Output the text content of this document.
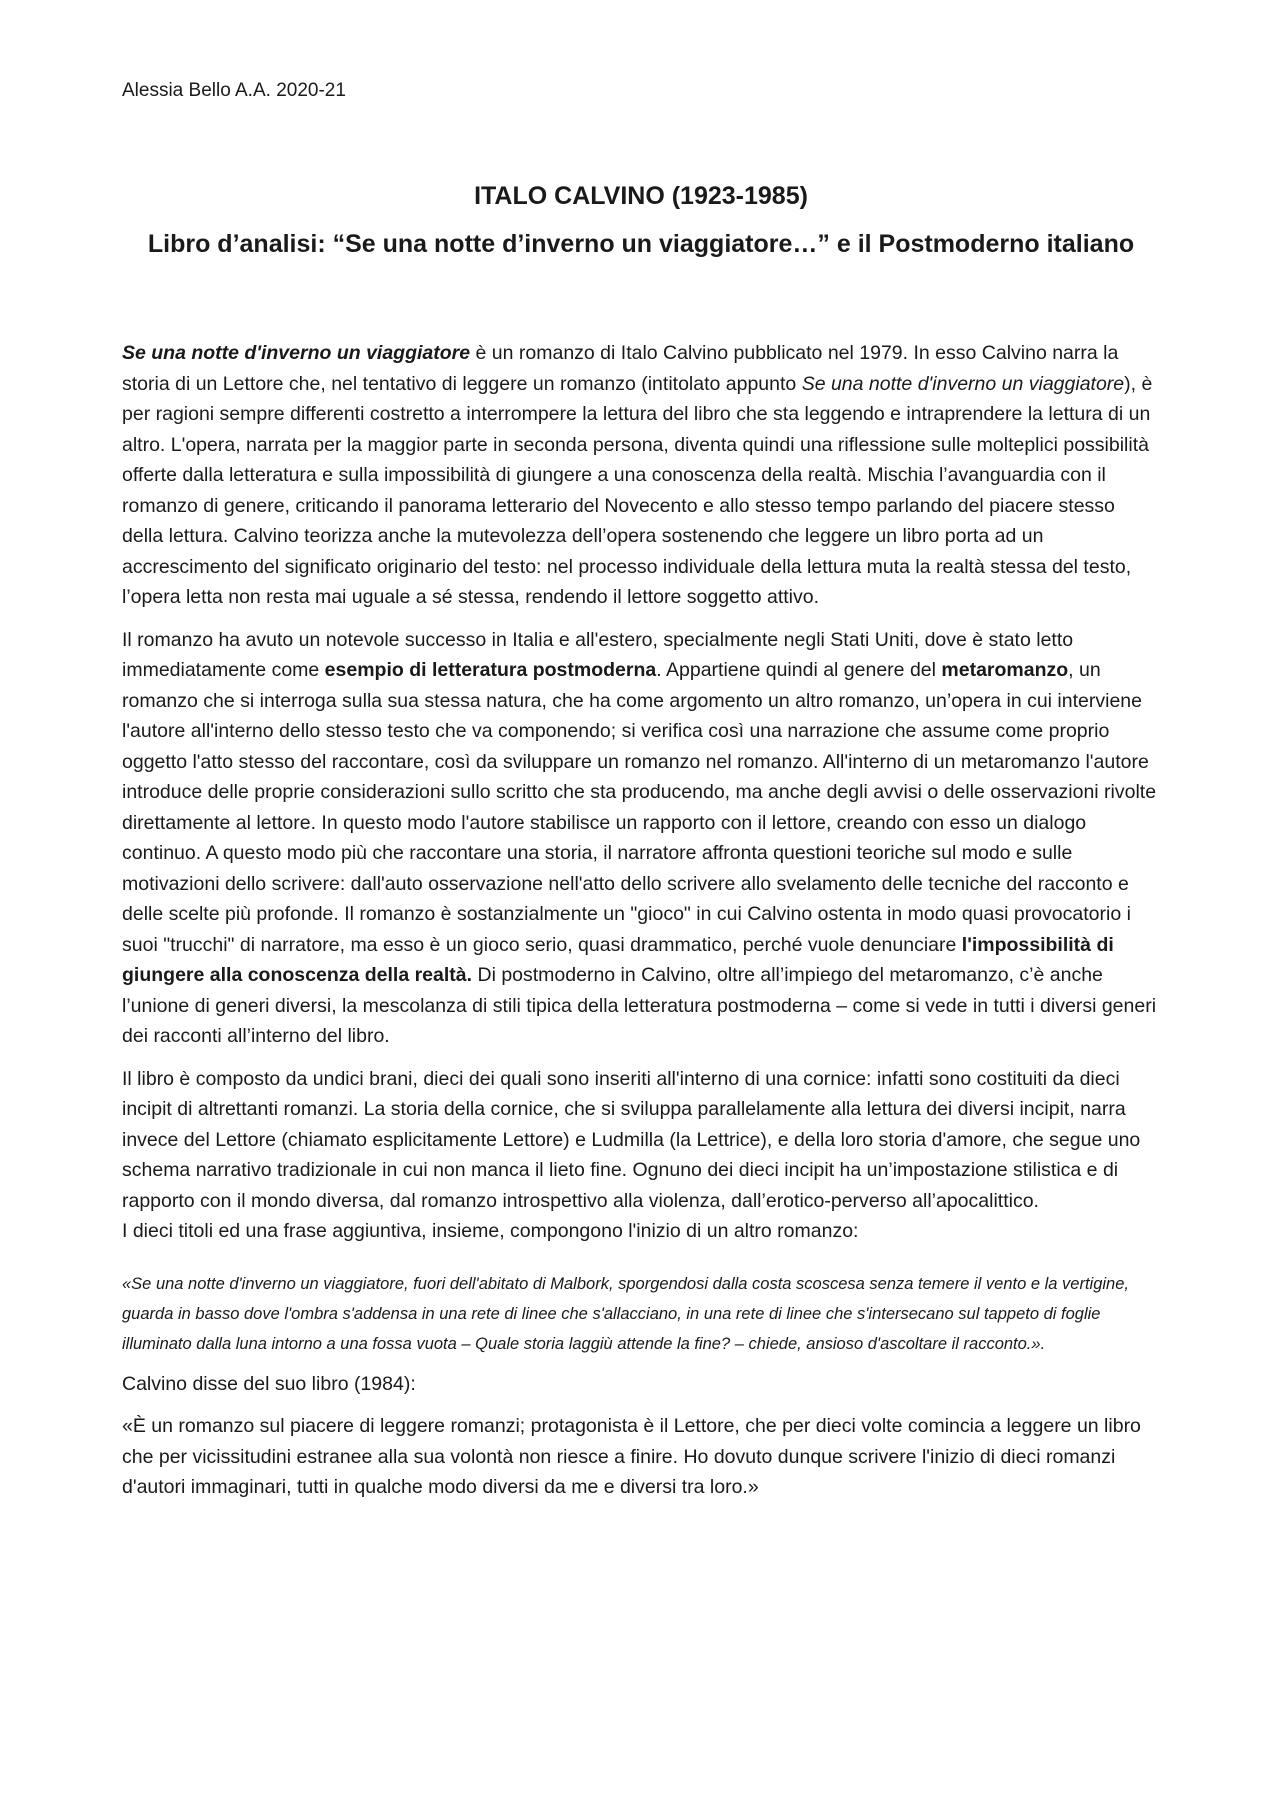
Alessia Bello A.A. 2020-21

ITALO CALVINO (1923-1985)
Libro d’analisi: “Se una notte d’inverno un viaggiatore…” e il Postmoderno italiano

Se una notte d'inverno un viaggiatore è un romanzo di Italo Calvino pubblicato nel 1979. In esso Calvino narra la storia di un Lettore che, nel tentativo di leggere un romanzo (intitolato appunto Se una notte d'inverno un viaggiatore), è per ragioni sempre differenti costretto a interrompere la lettura del libro che sta leggendo e intraprendere la lettura di un altro. L'opera, narrata per la maggior parte in seconda persona, diventa quindi una riflessione sulle molteplici possibilità offerte dalla letteratura e sulla impossibilità di giungere a una conoscenza della realtà. Mischia l’avanguardia con il romanzo di genere, criticando il panorama letterario del Novecento e allo stesso tempo parlando del piacere stesso della lettura. Calvino teorizza anche la mutevolezza dell’opera sostenendo che leggere un libro porta ad un accrescimento del significato originario del testo: nel processo individuale della lettura muta la realtà stessa del testo, l’opera letta non resta mai uguale a sé stessa, rendendo il lettore soggetto attivo.

Il romanzo ha avuto un notevole successo in Italia e all'estero, specialmente negli Stati Uniti, dove è stato letto immediatamente come esempio di letteratura postmoderna. Appartiene quindi al genere del metaromanzo, un romanzo che si interroga sulla sua stessa natura, che ha come argomento un altro romanzo, un’opera in cui interviene l'autore all'interno dello stesso testo che va componendo; si verifica così una narrazione che assume come proprio oggetto l'atto stesso del raccontare, così da sviluppare un romanzo nel romanzo. All'interno di un metaromanzo l'autore introduce delle proprie considerazioni sullo scritto che sta producendo, ma anche degli avvisi o delle osservazioni rivolte direttamente al lettore. In questo modo l'autore stabilisce un rapporto con il lettore, creando con esso un dialogo continuo. A questo modo più che raccontare una storia, il narratore affronta questioni teoriche sul modo e sulle motivazioni dello scrivere: dall'auto osservazione nell'atto dello scrivere allo svelamento delle tecniche del racconto e delle scelte più profonde. Il romanzo è sostanzialmente un "gioco" in cui Calvino ostenta in modo quasi provocatorio i suoi "trucchi" di narratore, ma esso è un gioco serio, quasi drammatico, perché vuole denunciare l'impossibilità di giungere alla conoscenza della realtà. Di postmoderno in Calvino, oltre all’impiego del metaromanzo, c’è anche l’unione di generi diversi, la mescolanza di stili tipica della letteratura postmoderna – come si vede in tutti i diversi generi dei racconti all’interno del libro.

Il libro è composto da undici brani, dieci dei quali sono inseriti all'interno di una cornice: infatti sono costituiti da dieci incipit di altrettanti romanzi. La storia della cornice, che si sviluppa parallelamente alla lettura dei diversi incipit, narra invece del Lettore (chiamato esplicitamente Lettore) e Ludmilla (la Lettrice), e della loro storia d'amore, che segue uno schema narrativo tradizionale in cui non manca il lieto fine. Ognuno dei dieci incipit ha un’impostazione stilistica e di rapporto con il mondo diversa, dal romanzo introspettivo alla violenza, dall’erotico-perverso all’apocalittico.

I dieci titoli ed una frase aggiuntiva, insieme, compongono l'inizio di un altro romanzo:

«Se una notte d'inverno un viaggiatore, fuori dell'abitato di Malbork, sporgendosi dalla costa scoscesa senza temere il vento e la vertigine, guarda in basso dove l'ombra s'addensa in una rete di linee che s'allacciano, in una rete di linee che s'intersecano sul tappeto di foglie illuminato dalla luna intorno a una fossa vuota – Quale storia laggiù attende la fine? – chiede, ansioso d'ascoltare il racconto.».

Calvino disse del suo libro (1984):

«È un romanzo sul piacere di leggere romanzi; protagonista è il Lettore, che per dieci volte comincia a leggere un libro che per vicissitudini estranee alla sua volontà non riesce a finire. Ho dovuto dunque scrivere l'inizio di dieci romanzi d'autori immaginari, tutti in qualche modo diversi da me e diversi tra loro.»
